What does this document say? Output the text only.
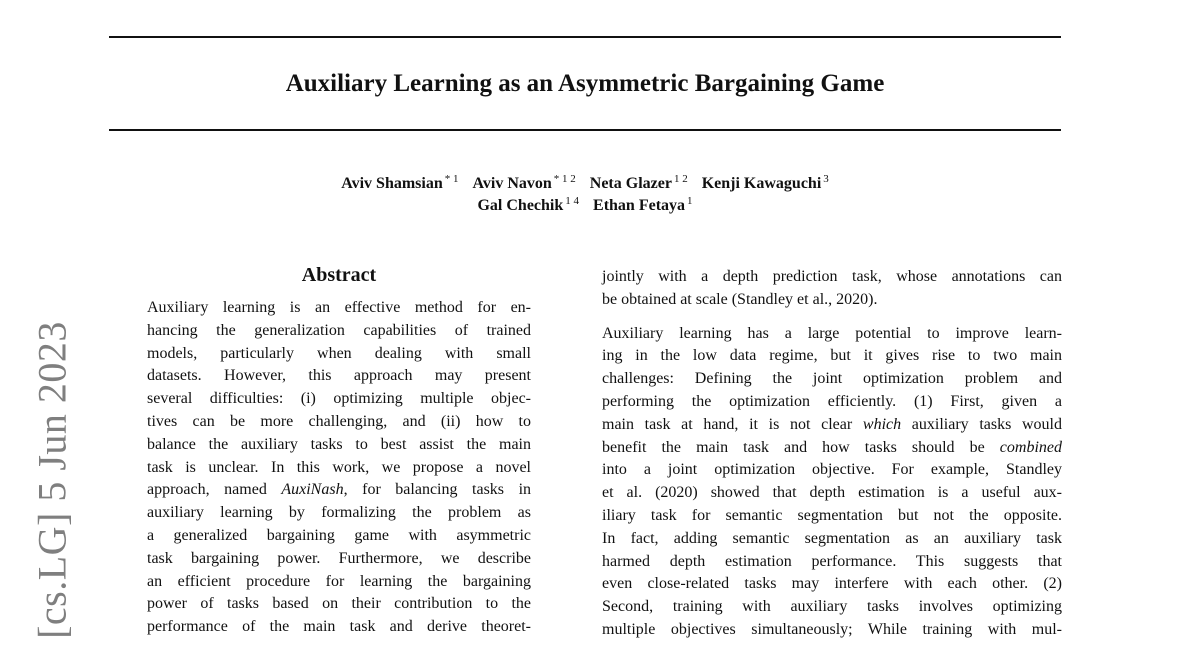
Auxiliary Learning as an Asymmetric Bargaining Game
Aviv Shamsian $^{* 1}$ Aviv Navon $^{* 1 2}$ Neta Glazer $^{1 2}$ Kenji Kawaguchi $^3$
Gal Chechik $^{1 4}$ Ethan Fetaya $^1$
[cs.LG] 5 Jun 2023
Abstract
Auxiliary learning is an effective method for en-
hancing the generalization capabilities of trained
models, particularly when dealing with small
datasets. However, this approach may present
several difficulties: (i) optimizing multiple objec-
tives can be more challenging, and (ii) how to
balance the auxiliary tasks to best assist the main
task is unclear. In this work, we propose a novel
approach, named AuxiNash, for balancing tasks in
auxiliary learning by formalizing the problem as
a generalized bargaining game with asymmetric
task bargaining power. Furthermore, we describe
an efficient procedure for learning the bargaining
power of tasks based on their contribution to the
performance of the main task and derive theoret-
jointly with a depth prediction task, whose annotations can
be obtained at scale (Standley et al., 2020).
Auxiliary learning has a large potential to improve learn-
ing in the low data regime, but it gives rise to two main
challenges: Defining the joint optimization problem and
performing the optimization efficiently. (1) First, given a
main task at hand, it is not clear which auxiliary tasks would
benefit the main task and how tasks should be combined
into a joint optimization objective. For example, Standley
et al. (2020) showed that depth estimation is a useful aux-
iliary task for semantic segmentation but not the opposite.
In fact, adding semantic segmentation as an auxiliary task
harmed depth estimation performance. This suggests that
even close-related tasks may interfere with each other. (2)
Second, training with auxiliary tasks involves optimizing
multiple objectives simultaneously; While training with mul-
